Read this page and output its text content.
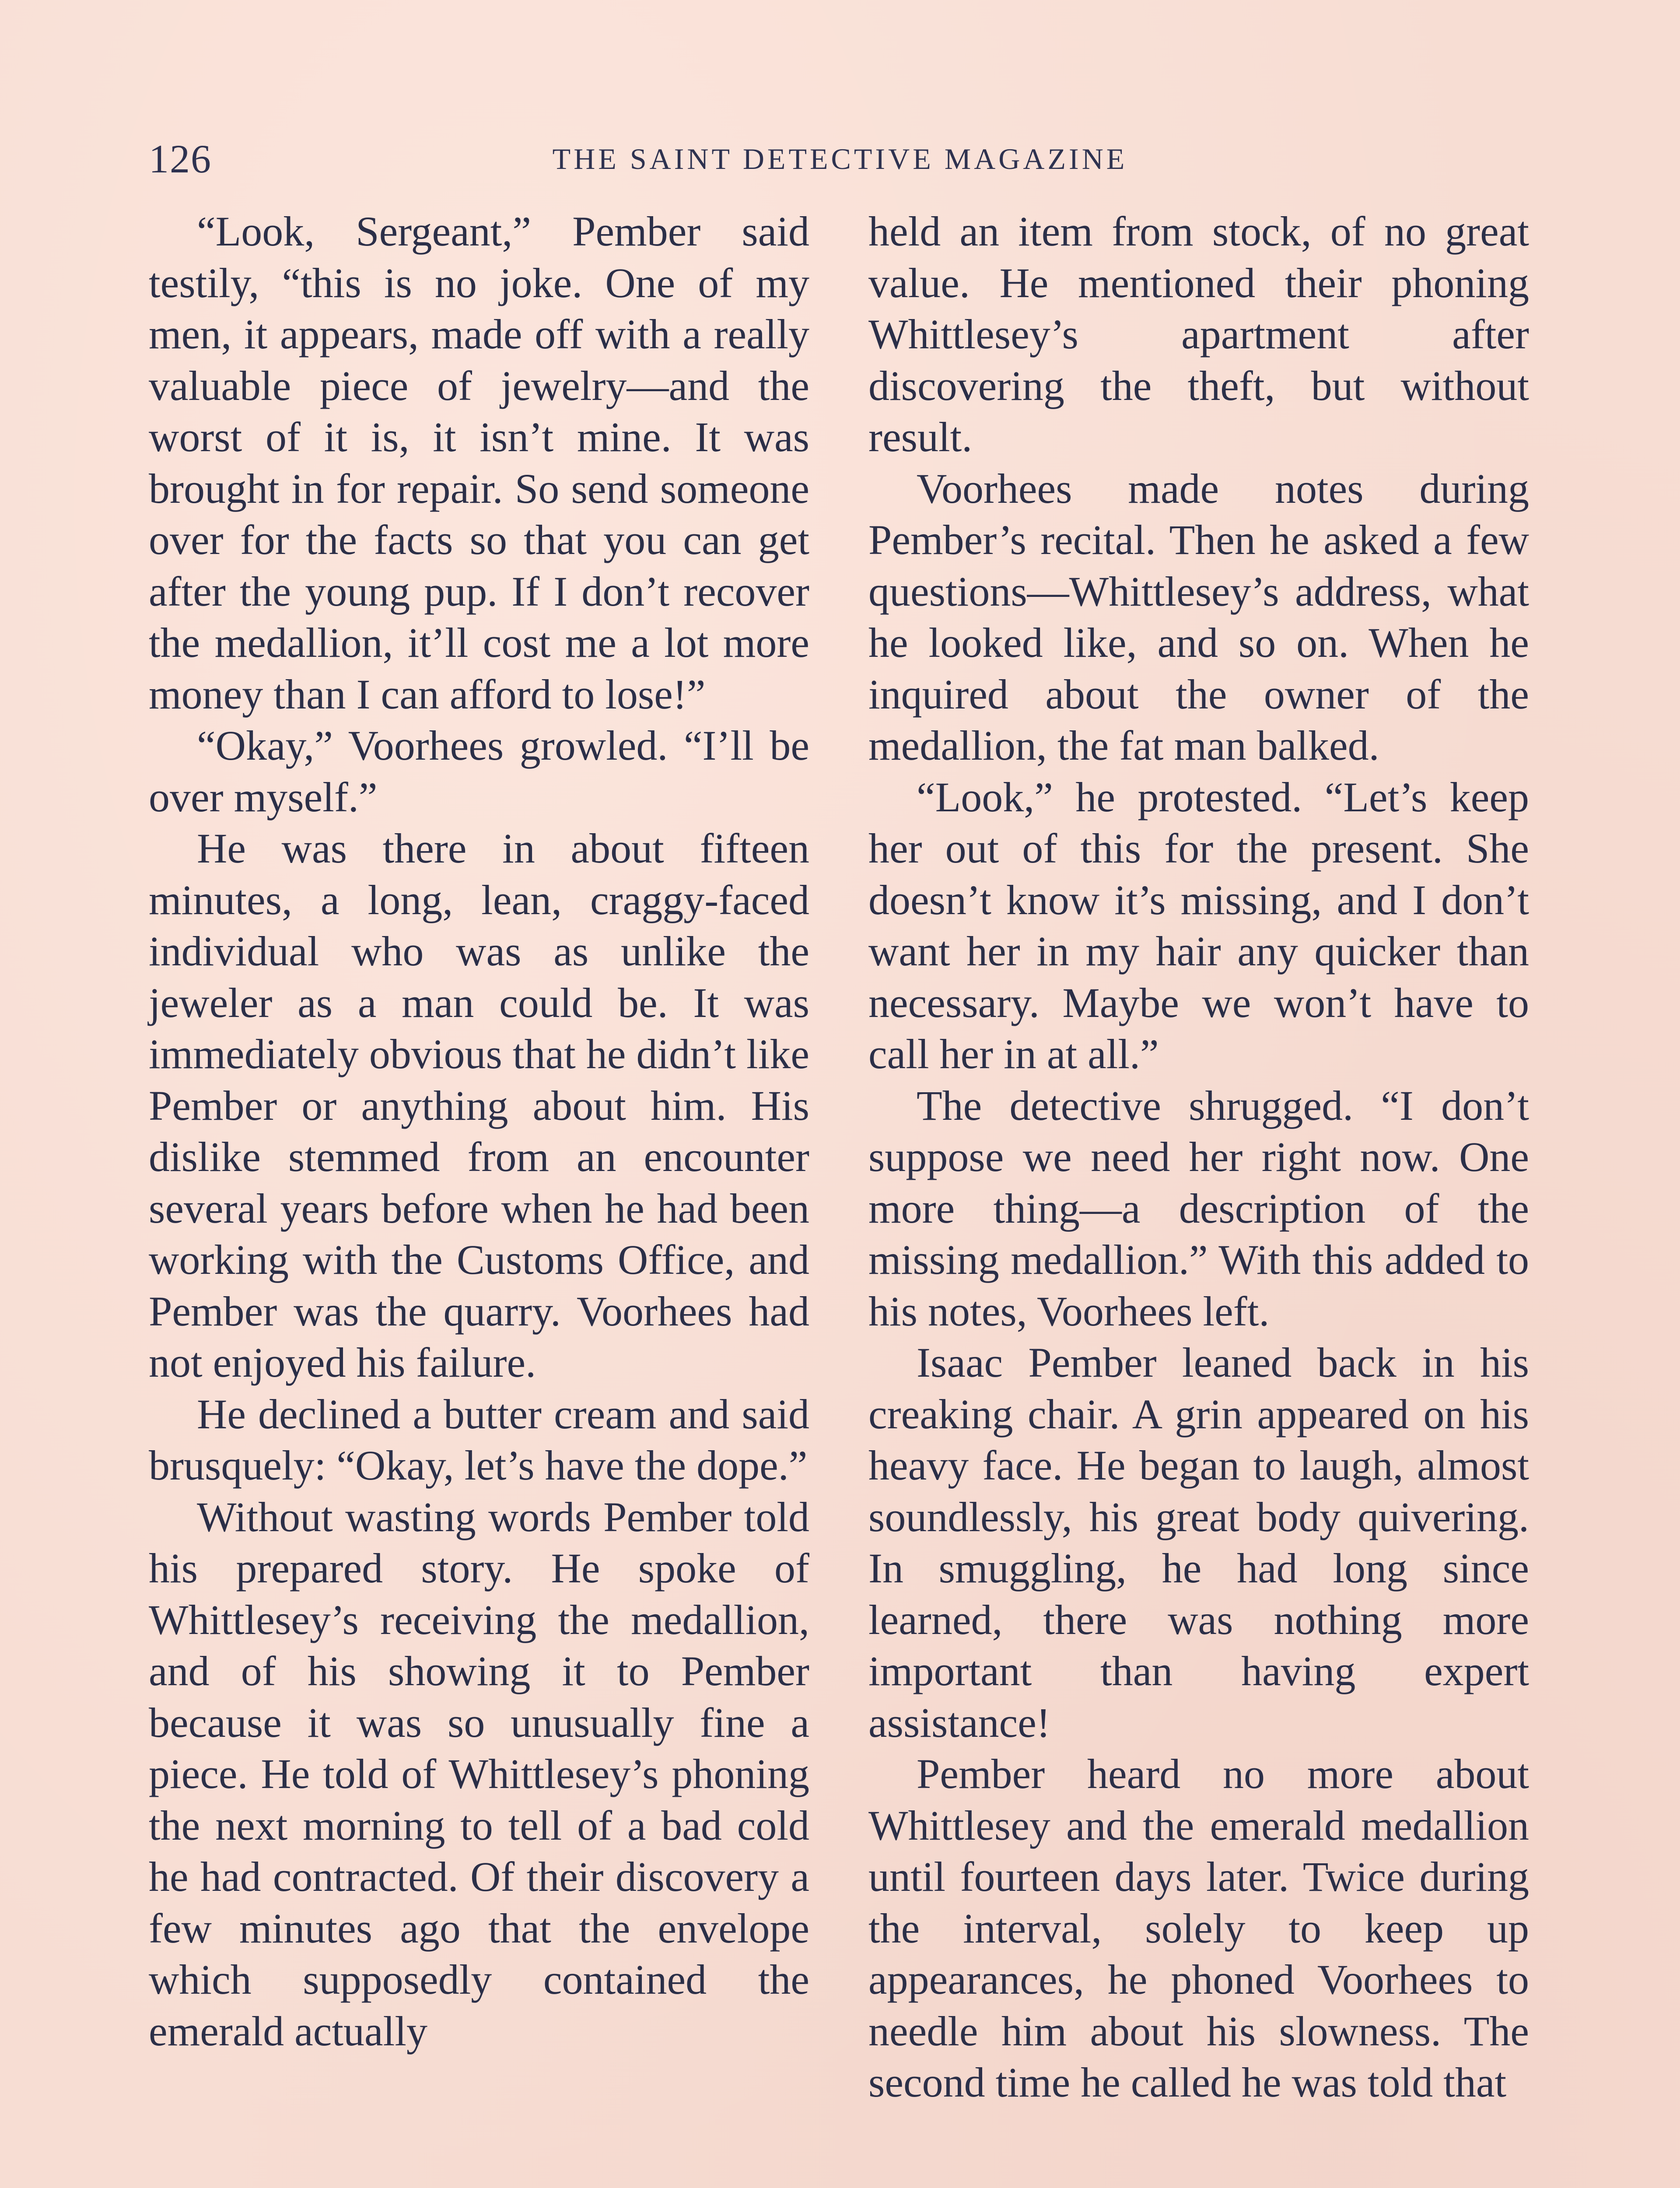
126	THE SAINT DETECTIVE MAGAZINE

“Look, Sergeant,” Pember said testily, “this is no joke. One of my men, it appears, made off with a really valuable piece of jewelry—and the worst of it is, it isn’t mine. It was brought in for repair. So send someone over for the facts so that you can get after the young pup. If I don’t recover the medallion, it’ll cost me a lot more money than I can afford to lose!”

“Okay,” Voorhees growled. “I’ll be over myself.”

He was there in about fifteen minutes, a long, lean, craggy-faced individual who was as unlike the jeweler as a man could be. It was immediately obvious that he didn’t like Pember or anything about him. His dislike stemmed from an encounter several years before when he had been working with the Customs Office, and Pember was the quarry. Voorhees had not enjoyed his failure.

He declined a butter cream and said brusquely: “Okay, let’s have the dope.”

Without wasting words Pember told his prepared story. He spoke of Whittlesey’s receiving the medallion, and of his showing it to Pember because it was so unusually fine a piece. He told of Whittlesey’s phoning the next morning to tell of a bad cold he had contracted. Of their discovery a few minutes ago that the envelope which supposedly contained the emerald actually

held an item from stock, of no great value. He mentioned their phoning Whittlesey’s apartment after discovering the theft, but without result.

Voorhees made notes during Pember’s recital. Then he asked a few questions—Whittlesey’s address, what he looked like, and so on. When he inquired about the owner of the medallion, the fat man balked.

“Look,” he protested. “Let’s keep her out of this for the present. She doesn’t know it’s missing, and I don’t want her in my hair any quicker than necessary. Maybe we won’t have to call her in at all.”

The detective shrugged. “I don’t suppose we need her right now. One more thing—a description of the missing medallion.” With this added to his notes, Voorhees left.

Isaac Pember leaned back in his creaking chair. A grin appeared on his heavy face. He began to laugh, almost soundlessly, his great body quivering. In smuggling, he had long since learned, there was nothing more important than having expert assistance!

Pember heard no more about Whittlesey and the emerald medallion until fourteen days later. Twice during the interval, solely to keep up appearances, he phoned Voorhees to needle him about his slowness. The second time he called he was told that
